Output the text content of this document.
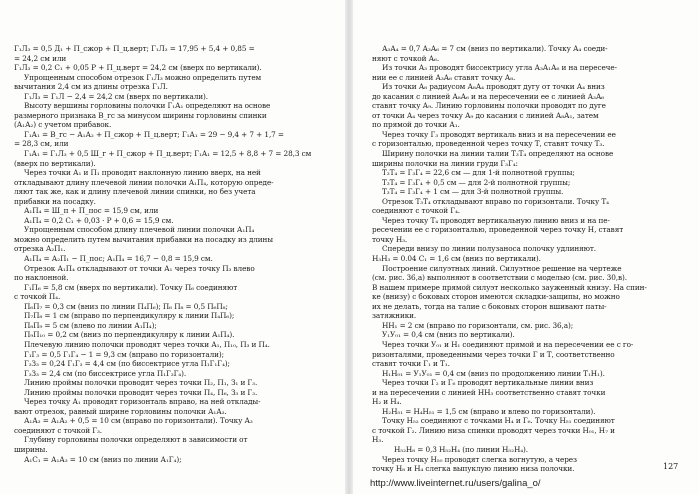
Г₁Л₃ = 0,5 Д₁ + П_сжор + П_ц.верт; Г₁Л₃ = 17,95 + 5,4 + 0,85 =
= 24,2 см или
Г₁Л₃ = 0,2 С₁ + 0,05 Р + П_ц.верт = 24,2 см (вверх по вертикали).
Упрощенным способом отрезок Г₁Л₃ можно определить путем
вычитания 2,4 см из длины отрезка Г₁Л.
Г₁Л₃ = Г₁Л − 2,4 = 24,2 см (вверх по вертикали).
Высоту вершины горловины полочки Г₁А₁ определяют на основе
размерного признака В_гс за минусом ширины горловины спинки
(А₁А₂) с учетом прибавок.
Г₁А₁ = В_гс − А₁А₂ + П_сжор + П_ц.верт; Г₁А₁ = 29 − 9,4 + 7 + 1,7 =
= 28,3 см, или
Г₁А₁ = Г₁Л₃ + 0,5 Ш_г + П_сжор + П_ц.верт; Г₁А₁ = 12,5 + 8,8 + 7 = 28,3 см
(вверх по вертикали).
Через точки А₁ и П₁ проводят наклонную линию вверх, на ней
откладывают длину плечевой линии полочки А₁П₄, которую опреде-
ляют так же, как и длину плечевой линии спинки, но без учета
прибавки на посадку.
А₁П₄ = Ш_п + П_пос = 15,9 см, или
А₁П₄ = 0,2 С₁ + 0,03 · Р + 0,6 = 15,9 см.
Упрощенным способом длину плечевой линии полочки А₁П₄
можно определить путем вычитания прибавки на посадку из длины
отрезка А₂П₁.
А₁П₄ = А₂П₁ − П_пос; А₁П₄ = 16,7 − 0,8 = 15,9 см.
Отрезок А₁П₄ откладывают от точки А₁ через точку П₃ влево
по наклонной.
Г₁П₆ = 5,8 см (вверх по вертикали). Точку П₆ соединяют
с точкой П₄.
П₆П₇ = 0,3 см (вниз по линии П₄П₆); П₆ П₈ = 0,5 П₆П₈;
П₇П₈ = 1 см (вправо по перпендикуляру к линии П₄П₆);
П₈П₉ = 5 см (влево по линии А₁П₄);
П₉П₁₀ = 0,2 см (вниз по перпендикуляру к линии А₁П₄).
Плечевую линию полочки проводят через точки А₁, П₁₀, П₃ и П₄.
Г₁Г₃ = 0,5 Г₁Г₄ − 1 = 9,3 см (вправо по горизонтали);
Г₃З₃ = 0,24 Г₁Г₃ = 4,4 см (по биссектрисе угла П₁Г₁Г₄);
Г₃З₃ = 2,4 см (по биссектрисе угла П₁Г₃Г₄).
Линию проймы полочки проводят через точки П₂, П₁, З₁ и Г₃.
Линию проймы полочки проводят через точки П₄, П₆, З₃ и Г₃.
Через точку А₁ проводят горизонталь вправо, на ней отклады-
вают отрезок, равный ширине горловины полочки А₁А₃.
А₁А₃ = А₁А₂ + 0,5 = 10 см (вправо по горизонтали). Точку А₃
соединяют с точкой Г₃.
Глубину горловины полочки определяют в зависимости от
ширины.
А₁С₁ = А₁А₃ = 10 см (вниз по линии А₁Г₄);
А₃А₄ = 0,7 А₃А₆ = 7 см (вниз по вертикали). Точку А₄ соеди-
няют с точкой А₆.
Из точки А₃ проводят биссектрису угла А₃А₁А₆ и на пересече-
нии ее с линией А₃А₆ ставят точку А₈.
Из точки А₈ радиусом А₈А₄ проводят дугу от точки А₄ вниз
до касания с линией А₈А₆ и на пересечении ее с линией А₃А₆
ставят точку А₉. Линию горловины полочки проводят по дуге
от точки А₄ через точку А₉ до касания с линией А₈А₁, затем
по прямой до точки А₁.
Через точку Г₃ проводят вертикаль вниз и на пересечении ее
с горизонталью, проведенной через точку Т, ставят точку Т₃.
Ширину полочки на линии талии Т₃Т₄ определяют на основе
ширины полочки на линии груди Г₃Г₄:
Т₃Т₄ = Г₃Г₄ = 22,6 см — для 1-й полнотной группы;
Т₃Т₄ = Г₃Г₄ + 0,5 см — для 2-й полнотной группы;
Т₃Т₄ = Г₃Г₄ + 1 см — для 3-й полнотной группы.
Отрезок Т₃Т₄ откладывают вправо по горизонтали. Точку Т₄
соединяют с точкой Г₄.
Через точку Т₄ проводят вертикальную линию вниз и на пе-
ресечении ее с горизонталью, проведенной через точку Н, ставят
точку Н₃.
Спереди внизу по линии полузаноса полочку удлиняют.
Н₃Н₃ = 0.04 С₁ = 1,6 см (вниз по вертикали).
Построение силуэтных линий. Силуэтное решение на чертеже
(см. рис. 36,а) выполняют в соответствии с моделью (см. рис. 30,в).
В нашем примере прямой силуэт несколько зауженный книзу. На спин-
ке (внизу) с боковых сторон имеются складки-защипы, но можно
их не делать, тогда на талие с боковых сторон вшивают паты-
затяжники.
НН₁ = 2 см (вправо по горизонтали, см. рис. 36,а);
У₁У₀₁ = 0,4 см (вниз по вертикали).
Через точки У₀₁ и Н₁ соединяют прямой и на пересечении ее с го-
ризонталями, проведенными через точки Г и Т, соответственно
ставят точки Г₁ и Т₁.
Н₁Н₀₁ = У₁У₀₁ = 0,4 см (вниз по продолжению линии Т₁Н₁).
Через точки Г₂ и Г₆ проводят вертикальные линии вниз
и на пересечении с линией НН₃ соответственно ставят точки
Н₂ и Н₄.
Н₂Н₅₁ = Н₄Н₅₁ = 1,5 см (вправо и влево по горизонтали).
Точку Н₅₂ соединяют с точками Н₄ и Г₆. Точку Н₅₁ соединяют
с точкой Г₂. Линию низа спинки проводят через точки Н₀₁, Н₇ и
Н₃.
Н₅₂Н₈ = 0,3 Н₅₂Н₄ (по линии Н₅₂Н₄).
Через точку Н₅₀ проводят слегка вогнутую, а через
точку Н₈ и Н₄ слегка выпуклую линию низа полочки.	127
http://www.liveinternet.ru/users/galina_o/
